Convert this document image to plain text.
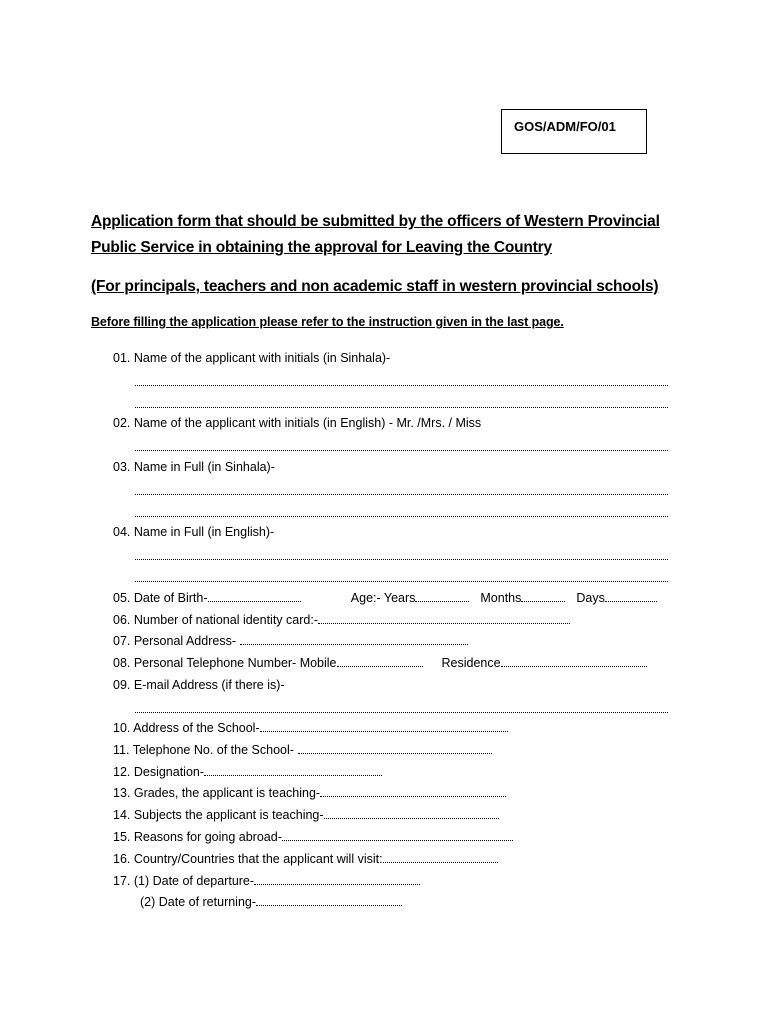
GOS/ADM/FO/01
Application form that should be submitted by the officers of Western Provincial
Public Service in obtaining the approval for Leaving the Country
(For principals, teachers and non academic staff in western provincial schools)
Before filling the application please refer to the instruction given in the last page.
01. Name of the applicant with initials (in Sinhala)-
02. Name of the applicant with initials (in English) - Mr. /Mrs. / Miss
03. Name in Full (in Sinhala)-
04. Name in Full (in English)-
05. Date of Birth-	Age:- Years	Months	Days
06. Number of national identity card:-
07. Personal Address-
08. Personal Telephone Number- Mobile	Residence
09. E-mail Address (if there is)-
10. Address of the School-
11. Telephone No. of the School-
12. Designation-
13. Grades, the applicant is teaching-
14. Subjects the applicant is teaching-
15. Reasons for going abroad-
16. Country/Countries that the applicant will visit:
17. (1) Date of departure-
(2) Date of returning-
